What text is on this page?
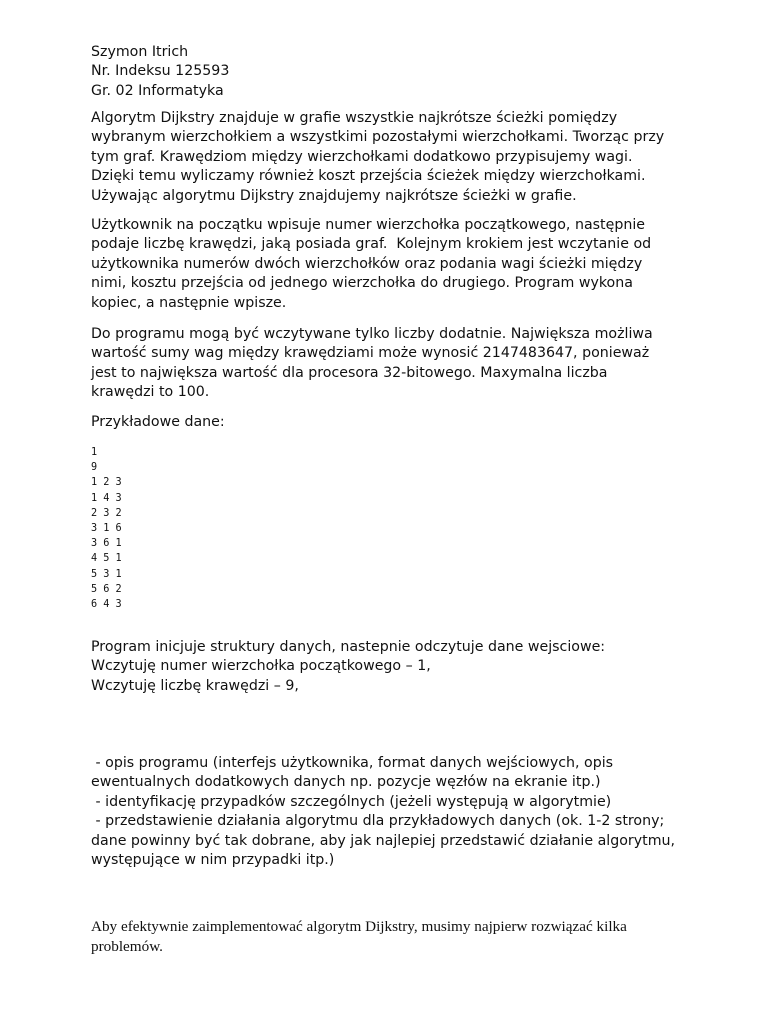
Szymon Itrich
Nr. Indeksu 125593
Gr. 02 Informatyka
Algorytm Dijkstry znajduje w grafie wszystkie najkrótsze ścieżki pomiędzy
wybranym wierzchołkiem a wszystkimi pozostałymi wierzchołkami. Tworząc przy
tym graf. Krawędziom między wierzchołkami dodatkowo przypisujemy wagi.
Dzięki temu wyliczamy również koszt przejścia ścieżek między wierzchołkami.
Używając algorytmu Dijkstry znajdujemy najkrótsze ścieżki w grafie.
Użytkownik na początku wpisuje numer wierzchołka początkowego, następnie
podaje liczbę krawędzi, jaką posiada graf.  Kolejnym krokiem jest wczytanie od
użytkownika numerów dwóch wierzchołków oraz podania wagi ścieżki między
nimi, kosztu przejścia od jednego wierzchołka do drugiego. Program wykona
kopiec, a następnie wpisze.
Do programu mogą być wczytywane tylko liczby dodatnie. Największa możliwa
wartość sumy wag między krawędziami może wynosić 2147483647, ponieważ
jest to największa wartość dla procesora 32-bitowego. Maxymalna liczba
krawędzi to 100.
Przykładowe dane:
1
9
1 2 3
1 4 3
2 3 2
3 1 6
3 6 1
4 5 1
5 3 1
5 6 2
6 4 3
Program inicjuje struktury danych, nastepnie odczytuje dane wejsciowe:
Wczytuję numer wierzchołka początkowego – 1,
Wczytuję liczbę krawędzi – 9,
- opis programu (interfejs użytkownika, format danych wejściowych, opis
ewentualnych dodatkowych danych np. pozycje węzłów na ekranie itp.)
- identyfikację przypadków szczególnych (jeżeli występują w algorytmie)
- przedstawienie działania algorytmu dla przykładowych danych (ok. 1-2 strony;
dane powinny być tak dobrane, aby jak najlepiej przedstawić działanie algorytmu,
występujące w nim przypadki itp.)
Aby efektywnie zaimplementować algorytm Dijkstry, musimy najpierw rozwiązać kilka
problemów.
